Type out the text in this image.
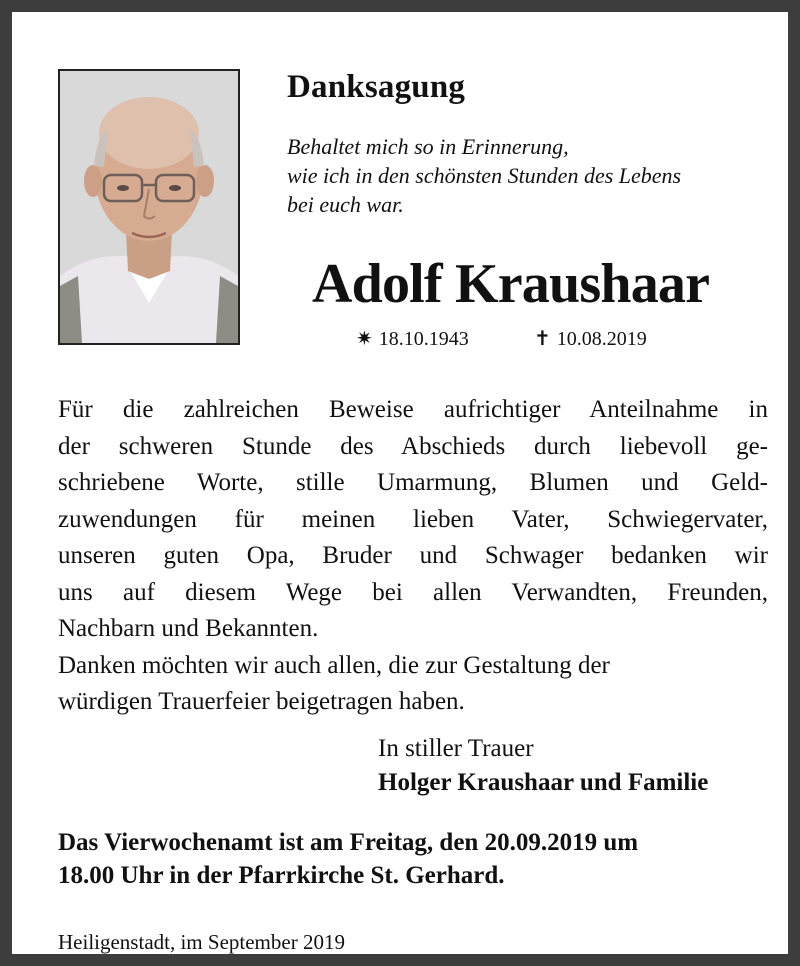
Danksagung
Behaltet mich so in Erinnerung,
wie ich in den schönsten Stunden des Lebens
bei euch war.
Adolf Kraushaar
✷ 18.10.1943	✝ 10.08.2019
Für die zahlreichen Beweise aufrichtiger Anteilnahme in
der schweren Stunde des Abschieds durch liebevoll ge-
schriebene Worte, stille Umarmung, Blumen und Geld-
zuwendungen für meinen lieben Vater, Schwiegervater,
unseren guten Opa, Bruder und Schwager bedanken wir
uns auf diesem Wege bei allen Verwandten, Freunden,
Nachbarn und Bekannten.
Danken möchten wir auch allen, die zur Gestaltung der
würdigen Trauerfeier beigetragen haben.
In stiller Trauer
Holger Kraushaar und Familie
Das Vierwochenamt ist am Freitag, den 20.09.2019 um
18.00 Uhr in der Pfarrkirche St. Gerhard.
Heiligenstadt, im September 2019
